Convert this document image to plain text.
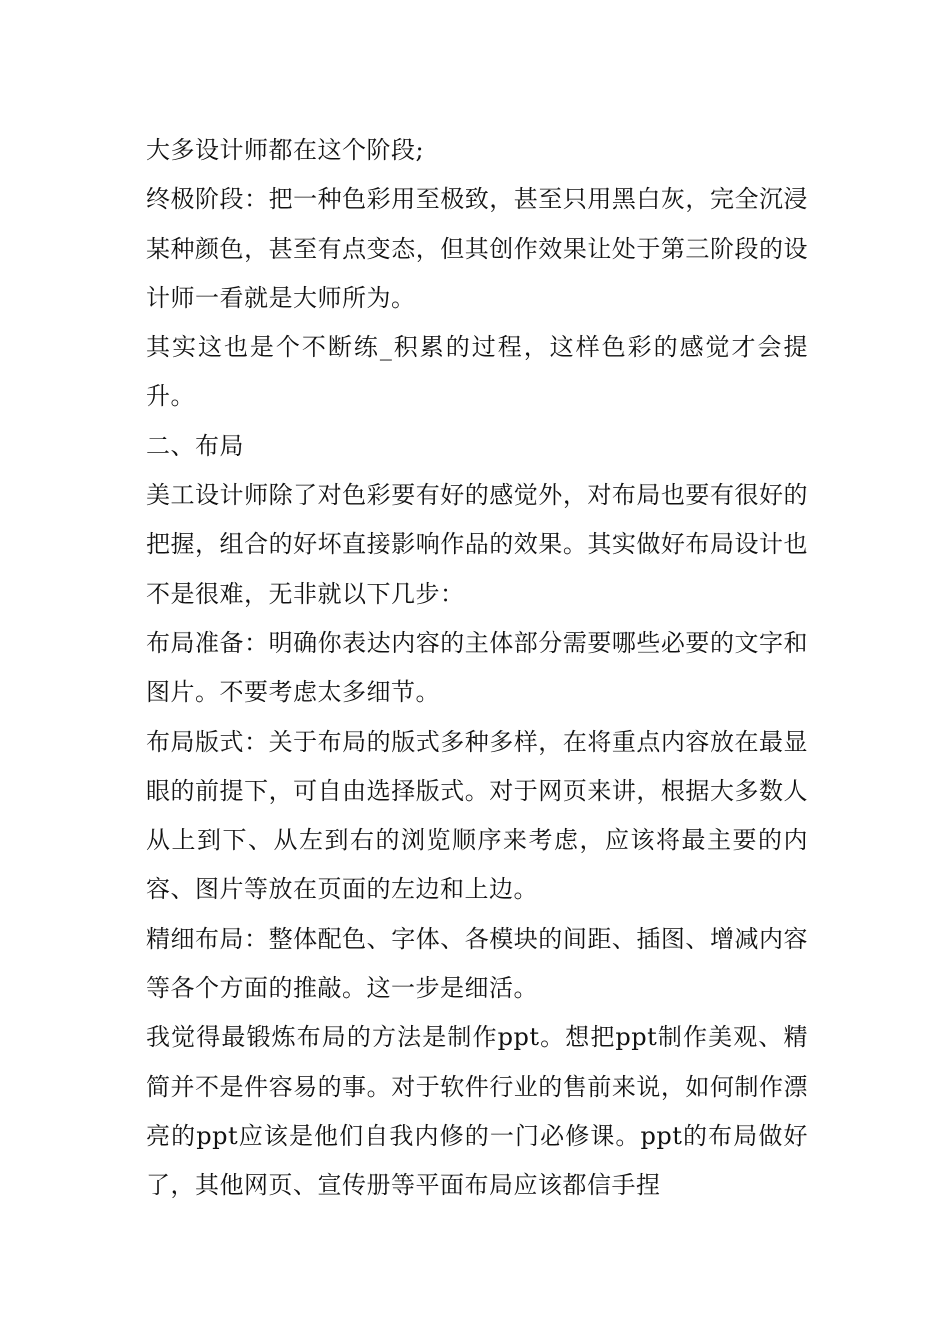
大多设计师都在这个阶段;

终极阶段：把一种色彩用至极致，甚至只用黑白灰，完全沉浸某种颜色，甚至有点变态，但其创作效果让处于第三阶段的设计师一看就是大师所为。

其实这也是个不断练_积累的过程，这样色彩的感觉才会提升。

二、布局

美工设计师除了对色彩要有好的感觉外，对布局也要有很好的把握，组合的好坏直接影响作品的效果。其实做好布局设计也不是很难，无非就以下几步：

布局准备：明确你表达内容的主体部分需要哪些必要的文字和图片。不要考虑太多细节。

布局版式：关于布局的版式多种多样，在将重点内容放在最显眼的前提下，可自由选择版式。对于网页来讲，根据大多数人从上到下、从左到右的浏览顺序来考虑，应该将最主要的内容、图片等放在页面的左边和上边。

精细布局：整体配色、字体、各模块的间距、插图、增减内容等各个方面的推敲。这一步是细活。

我觉得最锻炼布局的方法是制作ppt。想把ppt制作美观、精简并不是件容易的事。对于软件行业的售前来说，如何制作漂亮的ppt应该是他们自我内修的一门必修课。ppt的布局做好了，其他网页、宣传册等平面布局应该都信手捏
